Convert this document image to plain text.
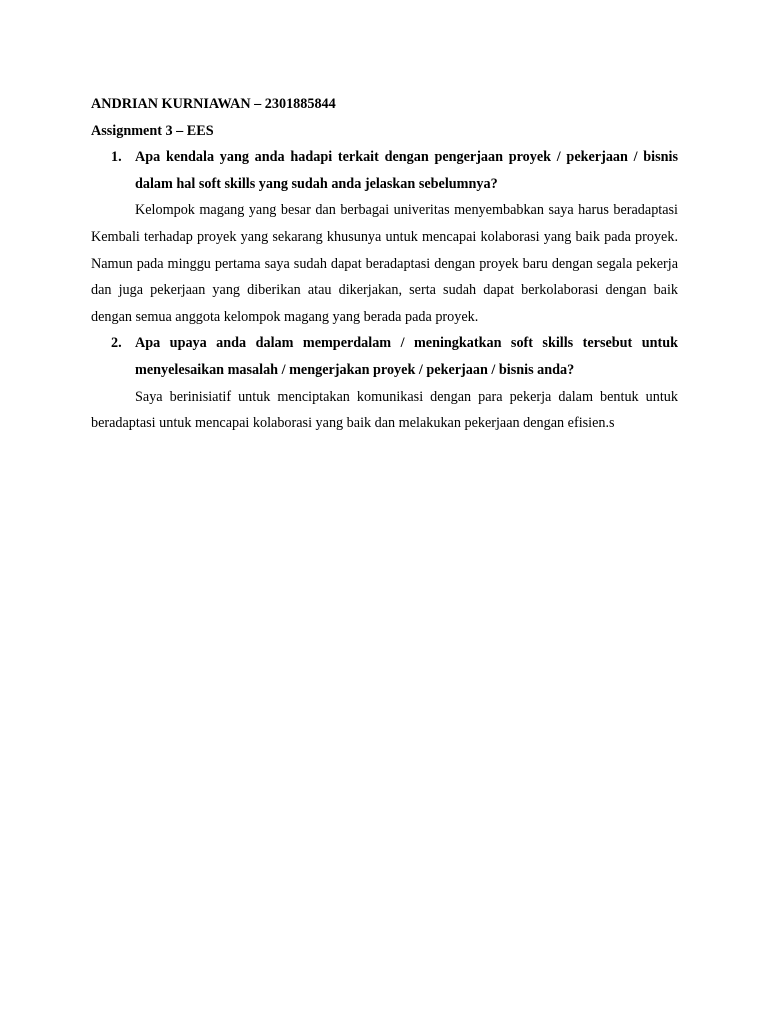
ANDRIAN KURNIAWAN – 2301885844
Assignment 3 – EES
1. Apa kendala yang anda hadapi terkait dengan pengerjaan proyek / pekerjaan / bisnis dalam hal soft skills yang sudah anda jelaskan sebelumnya?
Kelompok magang yang besar dan berbagai univeritas menyembabkan saya harus beradaptasi Kembali terhadap proyek yang sekarang khusunya untuk mencapai kolaborasi yang baik pada proyek. Namun pada minggu pertama saya sudah dapat beradaptasi dengan proyek baru dengan segala pekerja dan juga pekerjaan yang diberikan atau dikerjakan, serta sudah dapat berkolaborasi dengan baik dengan semua anggota kelompok magang yang berada pada proyek.
2. Apa upaya anda dalam memperdalam / meningkatkan soft skills tersebut untuk menyelesaikan masalah / mengerjakan proyek / pekerjaan / bisnis anda?
Saya berinisiatif untuk menciptakan komunikasi dengan para pekerja dalam bentuk untuk beradaptasi untuk mencapai kolaborasi yang baik dan melakukan pekerjaan dengan efisien.s
